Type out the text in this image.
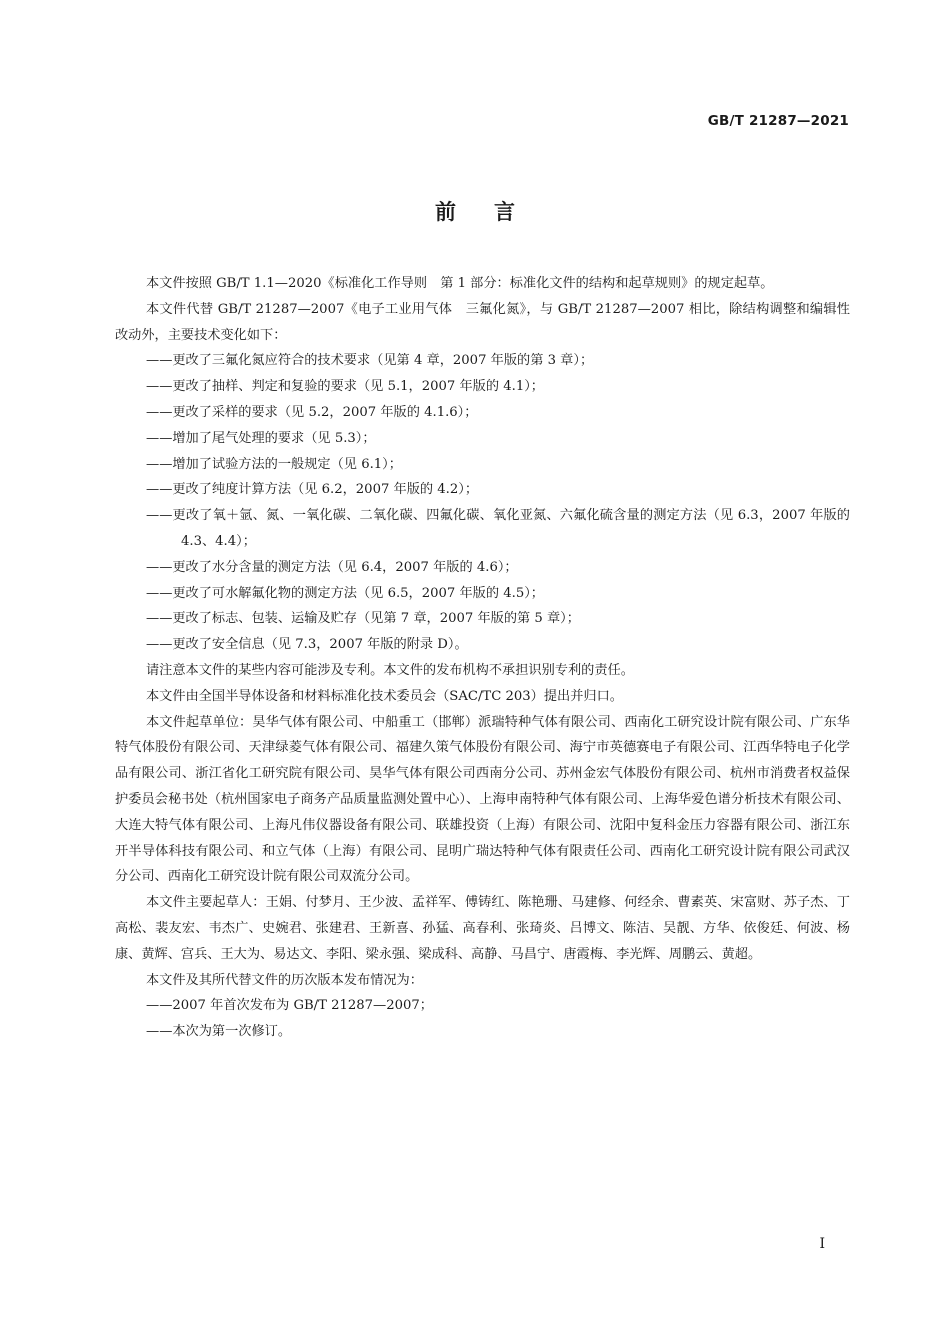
GB/T 21287—2021
前言

本文件按照 GB/T 1.1—2020《标准化工作导则　第 1 部分：标准化文件的结构和起草规则》的规定起草。

本文件代替 GB/T 21287—2007《电子工业用气体　三氟化氮》，与 GB/T 21287—2007 相比，除结构调整和编辑性改动外，主要技术变化如下：

——更改了三氟化氮应符合的技术要求（见第 4 章，2007 年版的第 3 章）；

——更改了抽样、判定和复验的要求（见 5.1，2007 年版的 4.1）；

——更改了采样的要求（见 5.2，2007 年版的 4.1.6）；

——增加了尾气处理的要求（见 5.3）；

——增加了试验方法的一般规定（见 6.1）；

——更改了纯度计算方法（见 6.2，2007 年版的 4.2）；

——更改了氧＋氩、氮、一氧化碳、二氧化碳、四氟化碳、氧化亚氮、六氟化硫含量的测定方法（见 6.3，2007 年版的 4.3、4.4）；

——更改了水分含量的测定方法（见 6.4，2007 年版的 4.6）；

——更改了可水解氟化物的测定方法（见 6.5，2007 年版的 4.5）；

——更改了标志、包装、运输及贮存（见第 7 章，2007 年版的第 5 章）；

——更改了安全信息（见 7.3，2007 年版的附录 D）。

请注意本文件的某些内容可能涉及专利。本文件的发布机构不承担识别专利的责任。

本文件由全国半导体设备和材料标准化技术委员会（SAC/TC 203）提出并归口。

本文件起草单位：昊华气体有限公司、中船重工（邯郸）派瑞特种气体有限公司、西南化工研究设计院有限公司、广东华特气体股份有限公司、天津绿菱气体有限公司、福建久策气体股份有限公司、海宁市英德赛电子有限公司、江西华特电子化学品有限公司、浙江省化工研究院有限公司、昊华气体有限公司西南分公司、苏州金宏气体股份有限公司、杭州市消费者权益保护委员会秘书处（杭州国家电子商务产品质量监测处置中心）、上海申南特种气体有限公司、上海华爱色谱分析技术有限公司、大连大特气体有限公司、上海凡伟仪器设备有限公司、联雄投资（上海）有限公司、沈阳中复科金压力容器有限公司、浙江东开半导体科技有限公司、和立气体（上海）有限公司、昆明广瑞达特种气体有限责任公司、西南化工研究设计院有限公司武汉分公司、西南化工研究设计院有限公司双流分公司。

本文件主要起草人：王娟、付梦月、王少波、孟祥军、傅铸红、陈艳珊、马建修、何经余、曹素英、宋富财、苏子杰、丁高松、裴友宏、韦杰广、史婉君、张建君、王新喜、孙猛、高春利、张琦炎、吕博文、陈洁、吴靓、方华、依俊廷、何波、杨康、黄辉、宫兵、王大为、易达文、李阳、梁永强、梁成科、高静、马昌宁、唐霞梅、李光辉、周鹏云、黄超。

本文件及其所代替文件的历次版本发布情况为：

——2007 年首次发布为 GB/T 21287—2007；

——本次为第一次修订。

I
